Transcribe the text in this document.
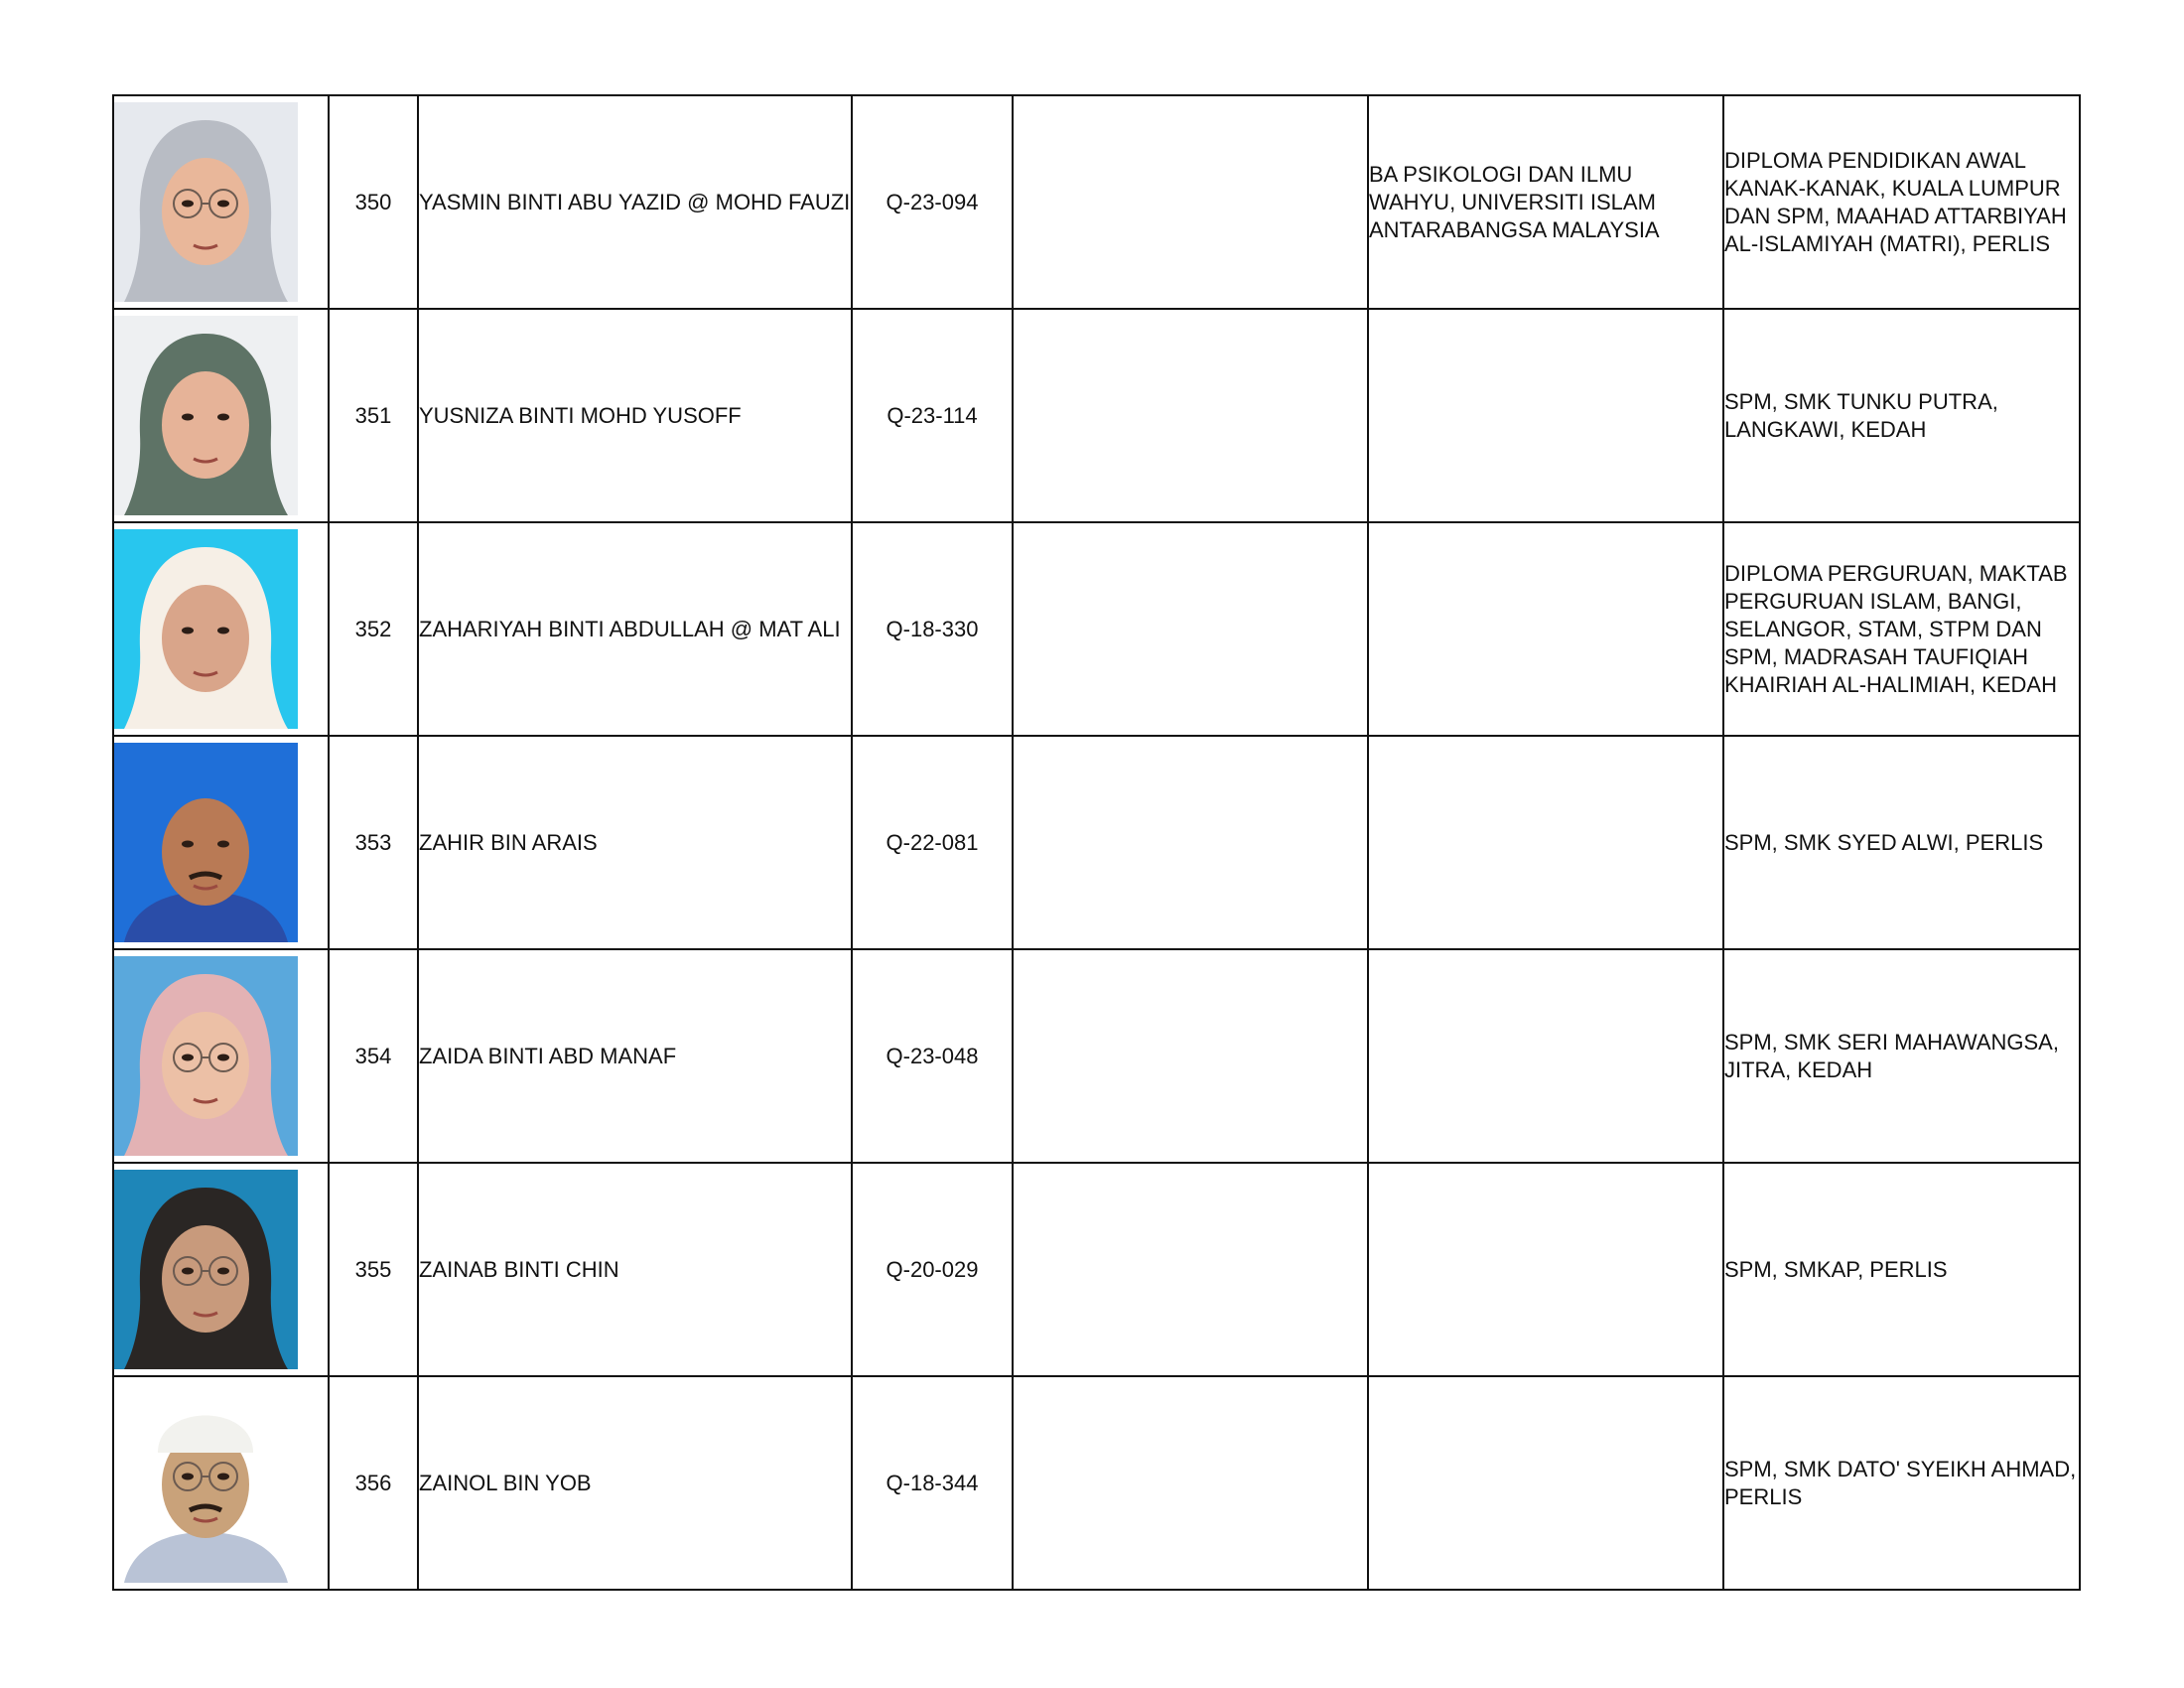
	350	YASMIN BINTI ABU YAZID @ MOHD FAUZI	Q-23-094		BA PSIKOLOGI DAN ILMU WAHYU, UNIVERSITI ISLAM ANTARABANGSA MALAYSIA	DIPLOMA PENDIDIKAN AWAL KANAK-KANAK, KUALA LUMPUR DAN SPM, MAAHAD ATTARBIYAH AL-ISLAMIYAH (MATRI), PERLIS

	351	YUSNIZA BINTI MOHD YUSOFF	Q-23-114			SPM, SMK TUNKU PUTRA, LANGKAWI, KEDAH

	352	ZAHARIYAH BINTI ABDULLAH @ MAT ALI	Q-18-330			DIPLOMA PERGURUAN, MAKTAB PERGURUAN ISLAM, BANGI, SELANGOR, STAM, STPM DAN SPM, MADRASAH TAUFIQIAH KHAIRIAH AL-HALIMIAH, KEDAH

	353	ZAHIR BIN ARAIS	Q-22-081			SPM, SMK SYED ALWI, PERLIS

	354	ZAIDA BINTI ABD MANAF	Q-23-048			SPM, SMK SERI MAHAWANGSA, JITRA, KEDAH

	355	ZAINAB BINTI CHIN	Q-20-029			SPM, SMKAP, PERLIS

	356	ZAINOL BIN YOB	Q-18-344			SPM, SMK DATO' SYEIKH AHMAD, PERLIS
